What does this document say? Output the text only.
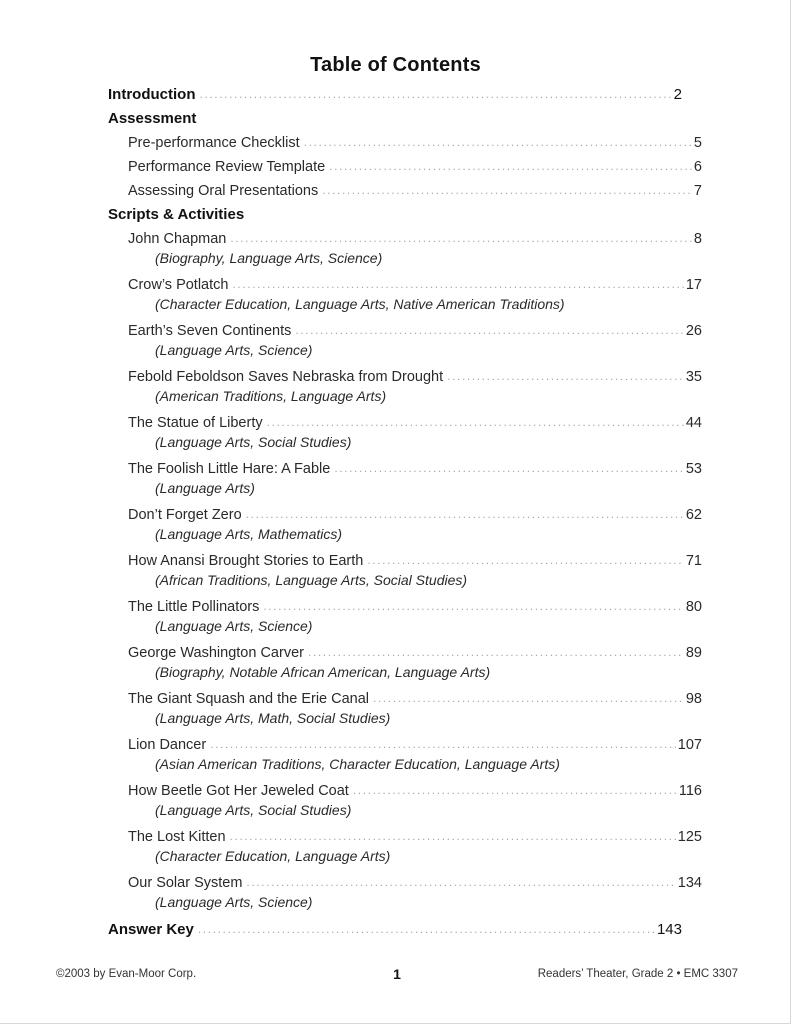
Table of Contents
Introduction .....	2
Assessment
Pre-performance Checklist .....	5
Performance Review Template .....	6
Assessing Oral Presentations .....	7
Scripts & Activities
John Chapman .....	8
(Biography, Language Arts, Science)
Crow’s Potlatch .....	17
(Character Education, Language Arts, Native American Traditions)
Earth’s Seven Continents .....	26
(Language Arts, Science)
Febold Feboldson Saves Nebraska from Drought .....	35
(American Traditions, Language Arts)
The Statue of Liberty .....	44
(Language Arts, Social Studies)
The Foolish Little Hare: A Fable .....	53
(Language Arts)
Don’t Forget Zero .....	62
(Language Arts, Mathematics)
How Anansi Brought Stories to Earth .....	71
(African Traditions, Language Arts, Social Studies)
The Little Pollinators .....	80
(Language Arts, Science)
George Washington Carver .....	89
(Biography, Notable African American, Language Arts)
The Giant Squash and the Erie Canal .....	98
(Language Arts, Math, Social Studies)
Lion Dancer .....	107
(Asian American Traditions, Character Education, Language Arts)
How Beetle Got Her Jeweled Coat .....	116
(Language Arts, Social Studies)
The Lost Kitten .....	125
(Character Education, Language Arts)
Our Solar System .....	134
(Language Arts, Science)
Answer Key .....	143
©2003 by Evan-Moor Corp.	1	Readers’ Theater, Grade 2 • EMC 3307
